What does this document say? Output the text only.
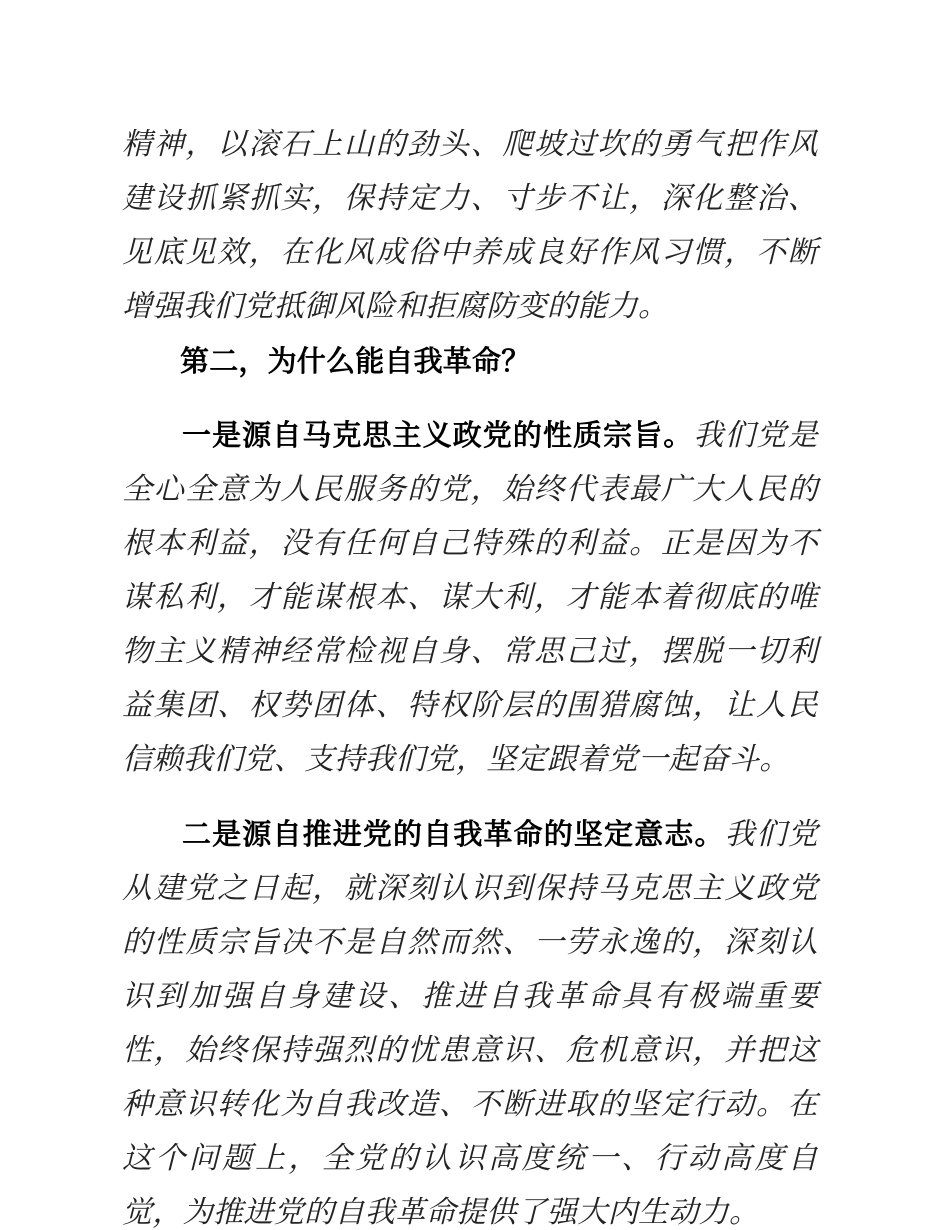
精神，以滚石上山的劲头、爬坡过坎的勇气把作风建设抓紧抓实，保持定力、寸步不让，深化整治、见底见效，在化风成俗中养成良好作风习惯，不断增强我们党抵御风险和拒腐防变的能力。

第二，为什么能自我革命？

一是源自马克思主义政党的性质宗旨。我们党是全心全意为人民服务的党，始终代表最广大人民的根本利益，没有任何自己特殊的利益。正是因为不谋私利，才能谋根本、谋大利，才能本着彻底的唯物主义精神经常检视自身、常思己过，摆脱一切利益集团、权势团体、特权阶层的围猎腐蚀，让人民信赖我们党、支持我们党，坚定跟着党一起奋斗。

二是源自推进党的自我革命的坚定意志。我们党从建党之日起，就深刻认识到保持马克思主义政党的性质宗旨决不是自然而然、一劳永逸的，深刻认识到加强自身建设、推进自我革命具有极端重要性，始终保持强烈的忧患意识、危机意识，并把这种意识转化为自我改造、不断进取的坚定行动。在这个问题上，全党的认识高度统一、行动高度自觉，为推进党的自我革命提供了强大内生动力。
